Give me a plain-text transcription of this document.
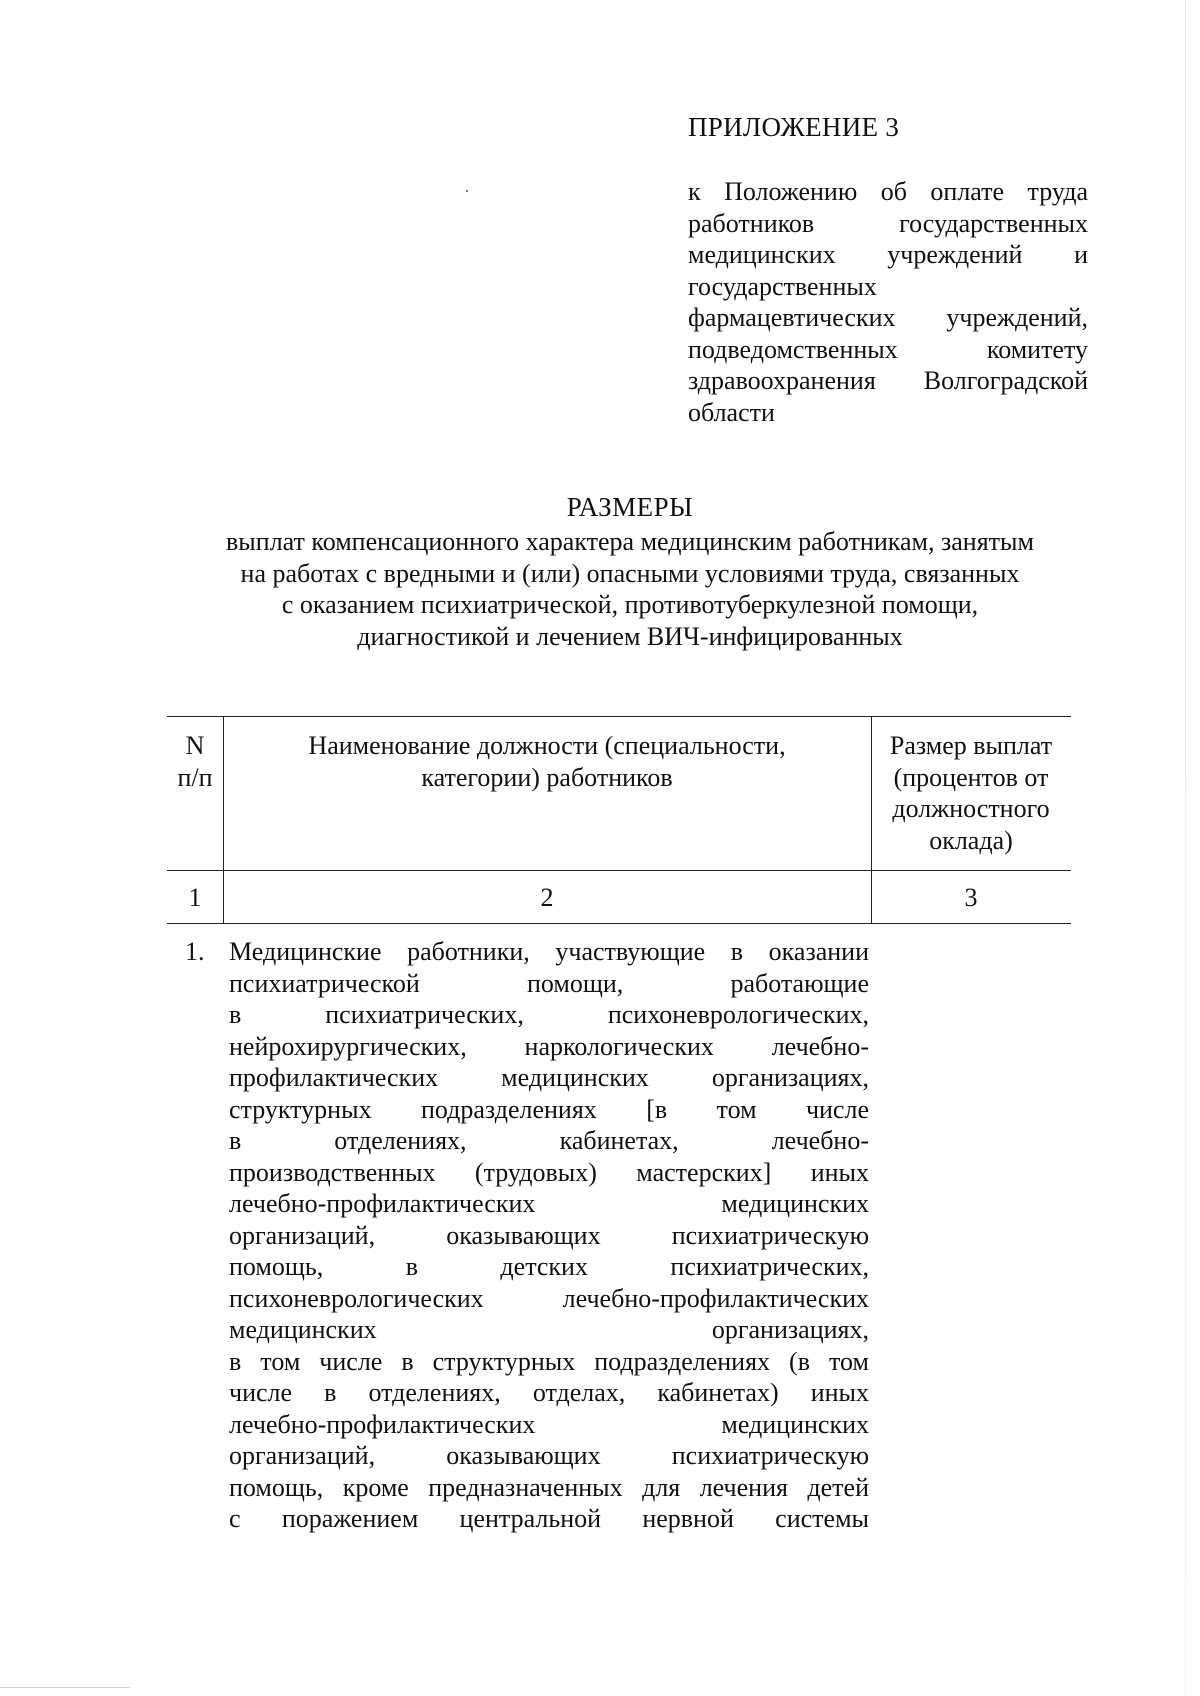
ПРИЛОЖЕНИЕ 3
к Положению об оплате труда
работников государственных
медицинских учреждений и
государственных
фармацевтических учреждений,
подведомственных комитету
здравоохранения Волгоградской
области
РАЗМЕРЫ
выплат компенсационного характера медицинским работникам, занятым
на работах с вредными и (или) опасными условиями труда, связанных
с оказанием психиатрической, противотуберкулезной помощи,
диагностикой и лечением ВИЧ-инфицированных
N
п/п
Наименование должности (специальности,
категории) работников
Размер выплат
(процентов от
должностного
оклада)
1	2	3
1. Медицинские работники, участвующие в оказании
психиатрической помощи, работающие
в психиатрических, психоневрологических,
нейрохирургических, наркологических лечебно-
профилактических медицинских организациях,
структурных подразделениях [в том числе
в отделениях, кабинетах, лечебно-
производственных (трудовых) мастерских] иных
лечебно-профилактических медицинских
организаций, оказывающих психиатрическую
помощь, в детских психиатрических,
психоневрологических лечебно-профилактических
медицинских организациях,
в том числе в структурных подразделениях (в том
числе в отделениях, отделах, кабинетах) иных
лечебно-профилактических медицинских
организаций, оказывающих психиатрическую
помощь, кроме предназначенных для лечения детей
с поражением центральной нервной системы
